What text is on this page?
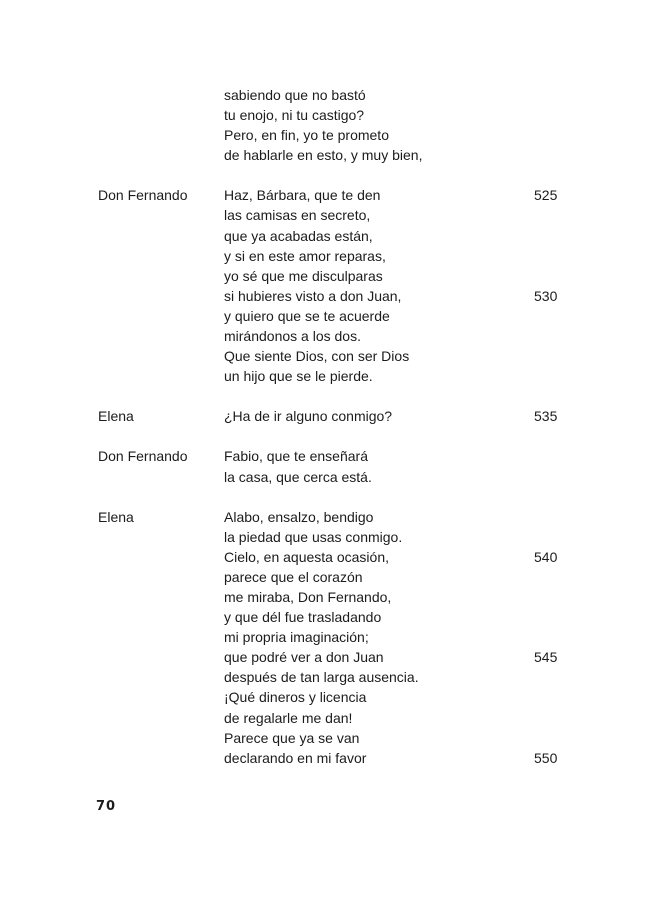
sabiendo que no bastó
tu enojo, ni tu castigo?
Pero, en fin, yo te prometo
de hablarle en esto, y muy bien,
Don Fernando	Haz, Bárbara, que te den	525
las camisas en secreto,
que ya acabadas están,
y si en este amor reparas,
yo sé que me disculparas
si hubieres visto a don Juan,	530
y quiero que se te acuerde
mirándonos a los dos.
Que siente Dios, con ser Dios
un hijo que se le pierde.
Elena	¿Ha de ir alguno conmigo?	535
Don Fernando	Fabio, que te enseñará
la casa, que cerca está.
Elena	Alabo, ensalzo, bendigo
la piedad que usas conmigo.
Cielo, en aquesta ocasión,	540
parece que el corazón
me miraba, Don Fernando,
y que dél fue trasladando
mi propria imaginación;
que podré ver a don Juan	545
después de tan larga ausencia.
¡Qué dineros y licencia
de regalarle me dan!
Parece que ya se van
declarando en mi favor	550
70
